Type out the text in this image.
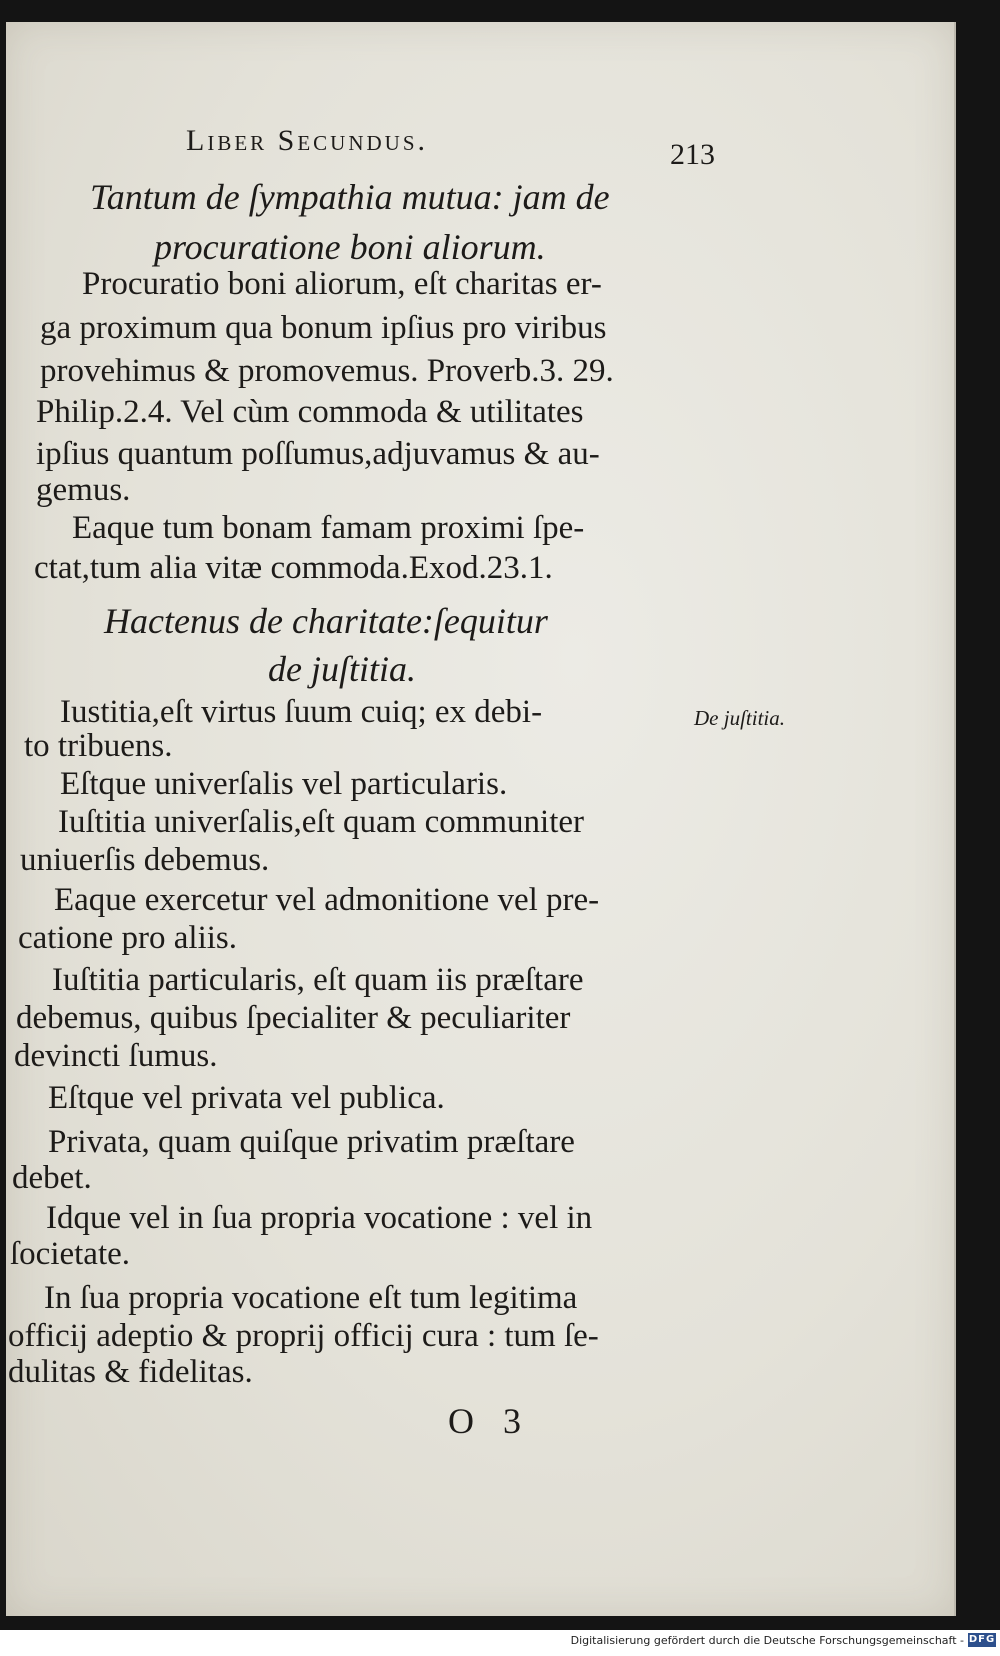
Liber Secundus.	213
Tantum de ſympathia mutua: jam de
procuratione boni aliorum.
Procuratio boni aliorum, eſt charitas er-
ga proximum qua bonum ipſius pro viribus
provehimus & promovemus. Proverb.3. 29.
Philip.2.4. Vel cùm commoda & utilitates
ipſius quantum poſſumus,adjuvamus & au-
gemus.
Eaque tum bonam famam proximi ſpe-
ctat,tum alia vitæ commoda.Exod.23.1.
Hactenus de charitate:ſequitur
de juſtitia.
Iustitia,eſt virtus ſuum cuiq; ex debi-
to tribuens.
De juſtitia.
Eſtque univerſalis vel particularis.
Iuſtitia univerſalis,eſt quam communiter
uniuerſis debemus.
Eaque exercetur vel admonitione vel pre-
catione pro aliis.
Iuſtitia particularis, eſt quam iis præſtare
debemus, quibus ſpecialiter & peculiariter
devincti ſumus.
Eſtque vel privata vel publica.
Privata, quam quiſque privatim præſtare
debet.
Idque vel in ſua propria vocatione : vel in
ſocietate.
In ſua propria vocatione eſt tum legitima
officij adeptio & proprij officij cura : tum ſe-
dulitas & fidelitas.
O 3
Digitalisierung gefördert durch die Deutsche Forschungsgemeinschaft - DFG
